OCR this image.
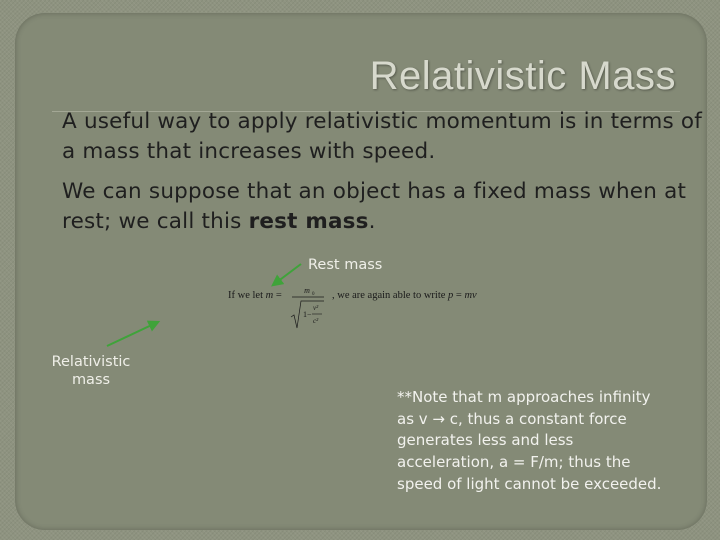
Relativistic Mass

A useful way to apply relativistic momentum is in terms of a mass that increases with speed.

We can suppose that an object has a fixed mass when at rest; we call this rest mass.

Rest mass
Relativistic mass
If we let m =	m 0
1−
v²
c²
, we are again able to write p = mv

**Note that m approaches infinity as v → c, thus a constant force generates less and less acceleration, a = F/m; thus the speed of light cannot be exceeded.
